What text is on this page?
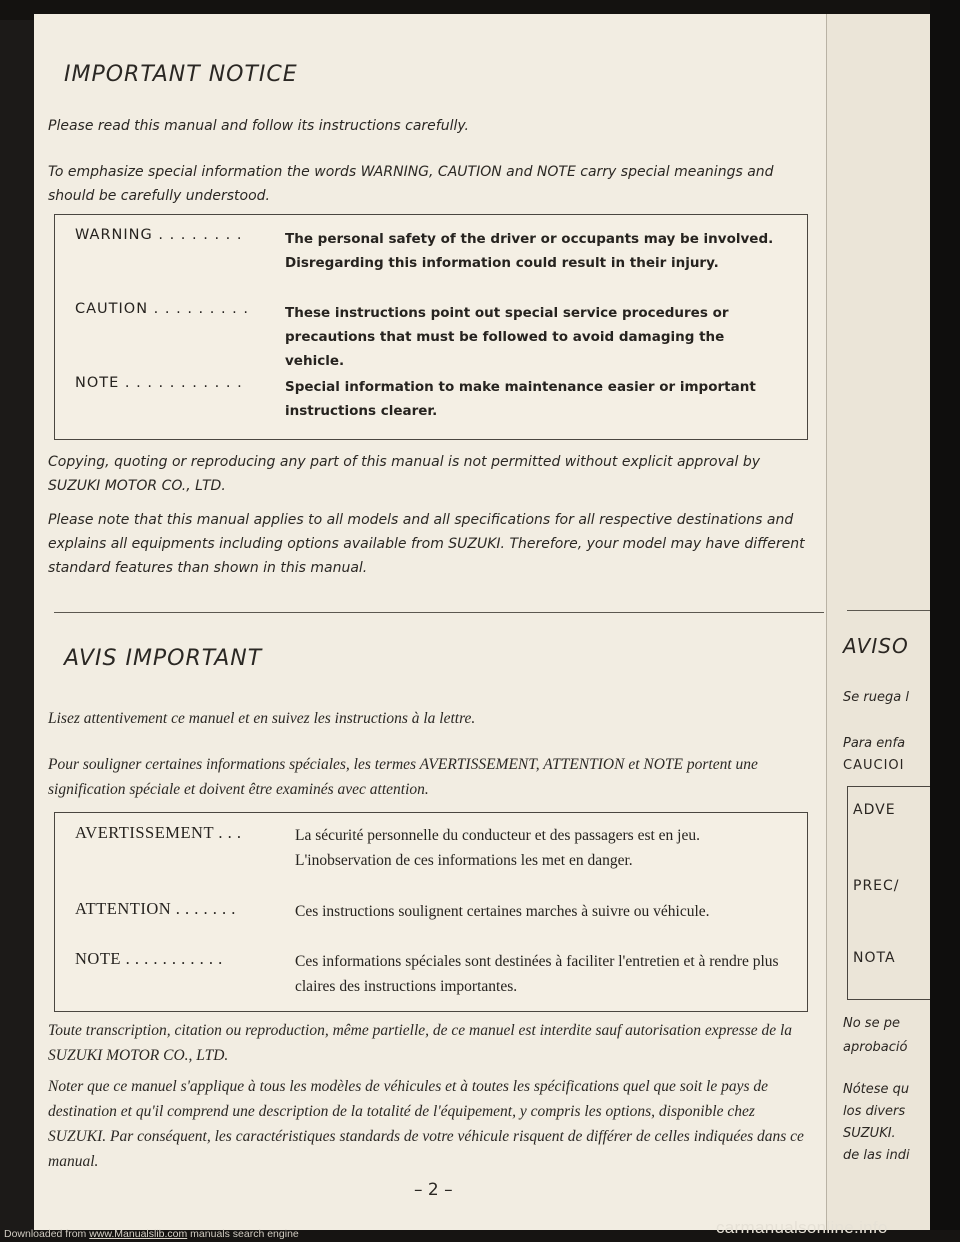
IMPORTANT NOTICE
Please read this manual and follow its instructions carefully.
To emphasize special information the words WARNING, CAUTION and NOTE carry special meanings and should be carefully understood.
WARNING . . . . . . . .	The personal safety of the driver or occupants may be involved. Disregarding this information could result in their injury.
CAUTION . . . . . . . . .	These instructions point out special service procedures or precautions that must be followed to avoid damaging the vehicle.
NOTE . . . . . . . . . . .	Special information to make maintenance easier or important instructions clearer.
Copying, quoting or reproducing any part of this manual is not permitted without explicit approval by SUZUKI MOTOR CO., LTD.
Please note that this manual applies to all models and all specifications for all respective destinations and explains all equipments including options available from SUZUKI. Therefore, your model may have different standard features than shown in this manual.
AVIS IMPORTANT
Lisez attentivement ce manuel et en suivez les instructions à la lettre.
Pour souligner certaines informations spéciales, les termes AVERTISSEMENT, ATTENTION et NOTE portent une signification spéciale et doivent être examinés avec attention.
AVERTISSEMENT . . .	La sécurité personnelle du conducteur et des passagers est en jeu. L'inobservation de ces informations les met en danger.
ATTENTION . . . . . . .	Ces instructions soulignent certaines marches à suivre ou véhicule.
NOTE . . . . . . . . . . .	Ces informations spéciales sont destinées à faciliter l'entretien et à rendre plus claires des instructions importantes.
Toute transcription, citation ou reproduction, même partielle, de ce manuel est interdite sauf autorisation expresse de la SUZUKI MOTOR CO., LTD.
Noter que ce manuel s'applique à tous les modèles de véhicules et à toutes les spécifications quel que soit le pays de destination et qu'il comprend une description de la totalité de l'équipement, y compris les options, disponible chez SUZUKI. Par conséquent, les caractéristiques standards de votre véhicule risquent de différer de celles indiquées dans ce manual.
– 2 –
AVISO
Se ruega l
Para enfa
CAUCIOI
ADVE
PREC/
NOTA
No se pe
aprobació
Nótese qu
los divers
SUZUKI.
de las indi
Downloaded from www.Manualslib.com manuals search engine	carmanualsonline.info
